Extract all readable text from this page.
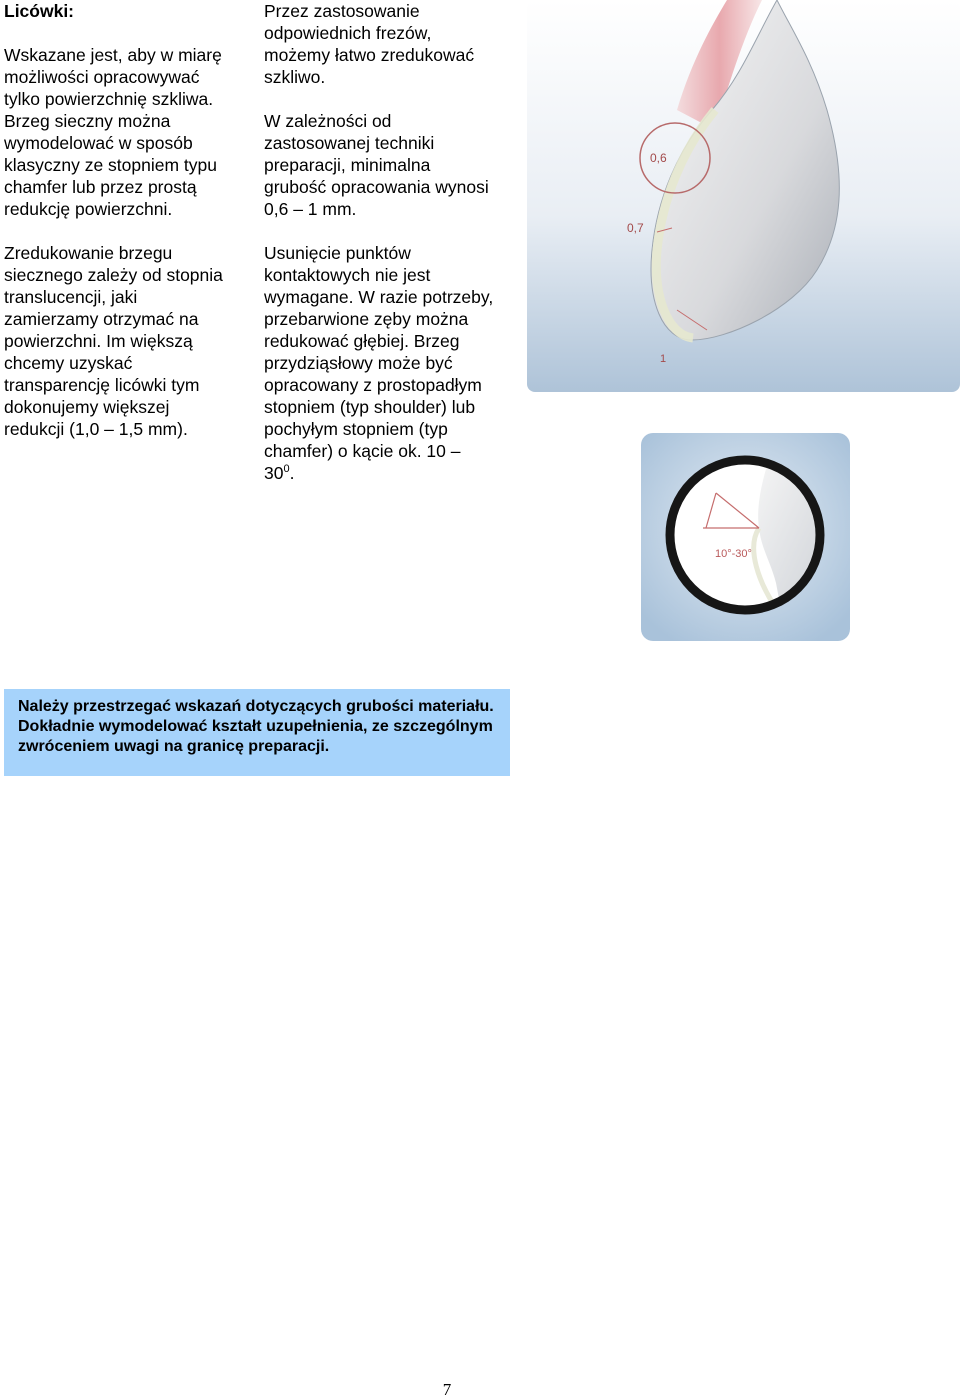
Licówki:

Wskazane jest, aby w miarę możliwości opracowywać tylko powierzchnię szkliwa. Brzeg sieczny można wymodelować w sposób klasyczny ze stopniem typu chamfer lub przez prostą redukcję powierzchni.

Zredukowanie brzegu siecznego zależy od stopnia translucencji, jaki zamierzamy otrzymać na powierzchni. Im większą chcemy uzyskać transparencję licówki tym dokonujemy większej redukcji (1,0 – 1,5 mm).

Przez zastosowanie odpowiednich frezów, możemy łatwo zredukować szkliwo.

W zależności od zastosowanej techniki preparacji, minimalna grubość opracowania wynosi 0,6 – 1 mm.

Usunięcie punktów kontaktowych nie jest wymagane. W razie potrzeby, przebarwione zęby można redukować głębiej. Brzeg przydziąsłowy może być opracowany z prostopadłym stopniem (typ shoulder) lub pochyłym stopniem (typ chamfer) o kącie ok. $10 - 30^0$.

0,6
0,7
1
10°-30°
Należy przestrzegać wskazań dotyczących grubości materiału. Dokładnie wymodelować kształt uzupełnienia, ze szczególnym zwróceniem uwagi na granicę preparacji.
7
